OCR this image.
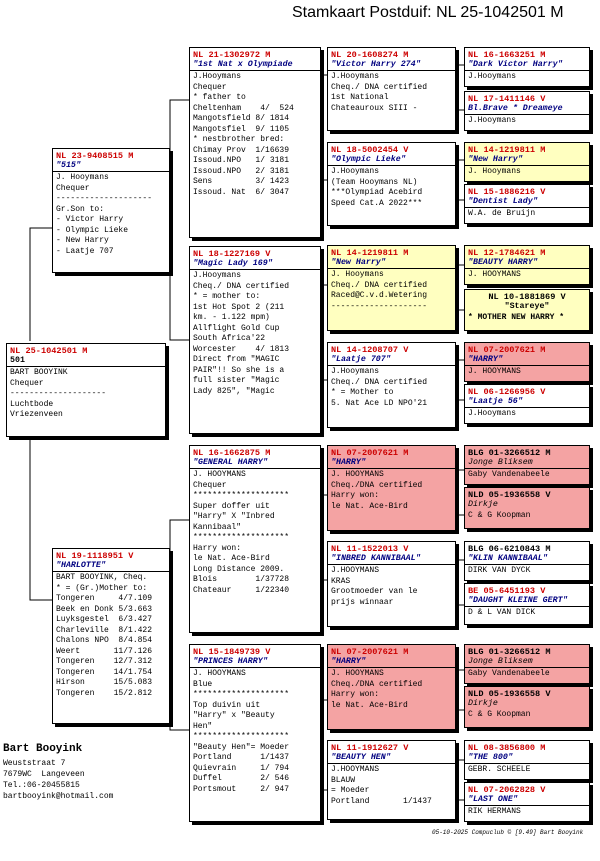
Stamkaart Postduif: NL 25-1042501 M
NL 25-1042501 M
501
BART BOOYINK
Chequer
--------------------
Luchtbode
Vriezenveen
NL 23-9408515 M
"515"
J. Hooymans
Chequer
--------------------
Gr.Son to:
- Victor Harry
- Olympic Lieke
- New Harry
- Laatje 707
NL 19-1118951 V
"HARLOTTE"
BART BOOYINK, Cheq.
* = (Gr.)Mother to:
Tongeren     4/7.109
Beek en Donk 5/3.663
Luyksgestel  6/3.427
Charleville  8/1.422
Chalons NPO  8/4.854
Weert       11/7.126
Tongeren    12/7.312
Tongeren    14/1.754
Hirson      15/5.083
Tongeren    15/2.812
NL 21-1302972 M
"1st Nat x Olympiade
J.Hooymans
Chequer
* father to
Cheltenham    4/  524
Mangotsfield 8/ 1814
Mangotsfiel  9/ 1105
* nestbrother bred:
Chimay Prov  1/16639
Issoud.NPO   1/ 3181
Issoud.NPO   2/ 3181
Sens         3/ 1423
Issoud. Nat  6/ 3047
NL 18-1227169 V
"Magic Lady 169"
J.Hooymans
Cheq./ DNA certified
* = mother to:
1st Hot Spot 2 (211
km. - 1.122 mpm)
Allflight Gold Cup
South Africa'22
Worcester    4/ 1813
Direct from "MAGIC
PAIR"!! So she is a
full sister "Magic
Lady 825", "Magic
NL 16-1662875 M
"GENERAL HARRY"
J. HOOYMANS
Chequer
********************
Super doffer uit
"Harry" X "Inbred
Kannibaal"
********************
Harry won:
le Nat. Ace-Bird
Long Distance 2009.
Blois        1/37728
Chateaur     1/22340
NL 15-1849739 V
"PRINCES HARRY"
J. HOOYMANS
Blue
********************
Top duivin uit
"Harry" x "Beauty
Hen"
********************
"Beauty Hen"= Moeder
Portland      1/1437
Quievrain     1/ 794
Duffel        2/ 546
Portsmout     2/ 947
NL 20-1608274 M
"Victor Harry 274"
J.Hooymans
Cheq./ DNA certified
1st National
Chateauroux SIII -
NL 18-5002454 V
"Olympic Lieke"
J.Hooymans
(Team Hooymans NL)
***Olympiad Acebird
Speed Cat.A 2022***
NL 14-1219811 M
"New Harry"
J. Hooymans
Cheq./ DNA certified
Raced@C.v.d.Wetering
--------------------
NL 14-1208707 V
"Laatje 707"
J.Hooymans
Cheq./ DNA certified
* = Mother to
5. Nat Ace LD NPO'21
NL 07-2007621 M
"HARRY"
J. HOOYMANS
Cheq./DNA certified
Harry won:
le Nat. Ace-Bird
NL 11-1522013 V
"INBRED KANNIBAAL"
J.HOOYMANS
KRAS
Grootmoeder van le
prijs winnaar
NL 07-2007621 M
"HARRY"
J. HOOYMANS
Cheq./DNA certified
Harry won:
le Nat. Ace-Bird
NL 11-1912627 V
"BEAUTY HEN"
J.HOOYMANS
BLAUW
= Moeder
Portland       1/1437
NL 16-1663251 M
"Dark Victor Harry"
J.Hooymans
NL 17-1411146 V
Bl.Brave * Dreameye
J.Hooymans
NL 14-1219811 M
"New Harry"
J. Hooymans
NL 15-1886216 V
"Dentist Lady"
W.A. de Bruijn
NL 12-1784621 M
"BEAUTY HARRY"
J. HOOYMANS
NL 10-1881869 V
"Stareye"
* MOTHER NEW HARRY *
NL 07-2007621 M
"HARRY"
J. HOOYMANS
NL 06-1266956 V
"Laatje 56"
J.Hooymans
BLG 01-3266512 M
Jonge Bliksem
Gaby Vandenabeele
NLD 05-1936558 V
Dirkje
C & G Koopman
BLG 06-6210843 M
"KLIN KANNIBAAL"
DIRK VAN DYCK
BE 05-6451193 V
"DAUGHT KLEINE GERT"
D & L VAN DICK
BLG 01-3266512 M
Jonge Bliksem
Gaby Vandenabeele
NLD 05-1936558 V
Dirkje
C & G Koopman
NL 08-3856800 M
"THE 800"
GEBR. SCHEELE
NL 07-2062828 V
"LAST ONE"
RIK HERMANS
Bart Booyink
Weuststraat 7
7679WC  Langeveen
Tel.:06-20455815
bartbooyink@hotmail.com
05-10-2025 Compuclub © [9.49] Bart Booyink
